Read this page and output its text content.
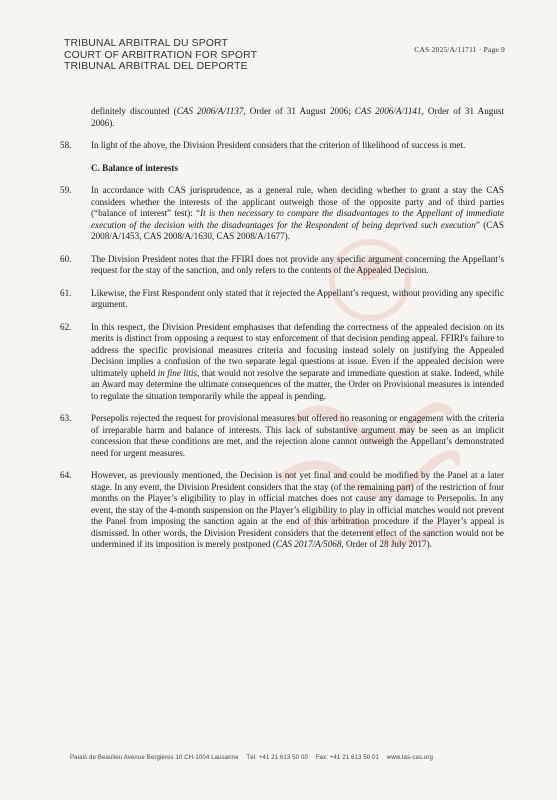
TRIBUNAL ARBITRAL DU SPORT
COURT OF ARBITRATION FOR SPORT
TRIBUNAL ARBITRAL DEL DEPORTE
CAS 2025/A/11711 · Page 9
definitely discounted (CAS 2006/A/1137, Order of 31 August 2006; CAS 2006/A/1141, Order of 31 August 2006).
58.	In light of the above, the Division President considers that the criterion of likelihood of success is met.
C. Balance of interests
59.	In accordance with CAS jurisprudence, as a general rule, when deciding whether to grant a stay the CAS considers whether the interests of the applicant outweigh those of the opposite party and of third parties (“balance of interest” test): “It is then necessary to compare the disadvantages to the Appellant of immediate execution of the decision with the disadvantages for the Respondent of being deprived such execution” (CAS 2008/A/1453, CAS 2008/A/1630, CAS 2008/A/1677).
60.	The Division President notes that the FFIRI does not provide any specific argument concerning the Appellant’s request for the stay of the sanction, and only refers to the contents of the Appealed Decision.
61.	Likewise, the First Respondent only stated that it rejected the Appellant’s request, without providing any specific argument.
62.	In this respect, the Division President emphasises that defending the correctness of the appealed decision on its merits is distinct from opposing a request to stay enforcement of that decision pending appeal. FFIRI's failure to address the specific provisional measures criteria and focusing instead solely on justifying the Appealed Decision implies a confusion of the two separate legal questions at issue. Even if the appealed decision were ultimately upheld in fine litis, that would not resolve the separate and immediate question at stake. Indeed, while an Award may determine the ultimate consequences of the matter, the Order on Provisional measures is intended to regulate the situation temporarily while the appeal is pending.
63.	Persepolis rejected the request for provisional measures but offered no reasoning or engagement with the criteria of irreparable harm and balance of interests. This lack of substantive argument may be seen as an implicit concession that these conditions are met, and the rejection alone cannot outweigh the Appellant’s demonstrated need for urgent measures.
64.	However, as previously mentioned, the Decision is not yet final and could be modified by the Panel at a later stage. In any event, the Division President considers that the stay (of the remaining part) of the restriction of four months on the Player’s eligibility to play in official matches does not cause any damage to Persepolis. In any event, the stay of the 4-month suspension on the Player’s eligibility to play in official matches would not prevent the Panel from imposing the sanction again at the end of this arbitration procedure if the Player’s appeal is dismissed. In other words, the Division President considers that the deterrent effect of the sanction would not be undermined if its imposition is merely postponed (CAS 2017/A/5068, Order of 28 July 2017).
Palais de Beaulieu Avenue Bergières 10 CH-1004 Lausanne Tél: +41 21 613 50 00 Fax: +41 21 613 50 01 www.tas-cas.org
